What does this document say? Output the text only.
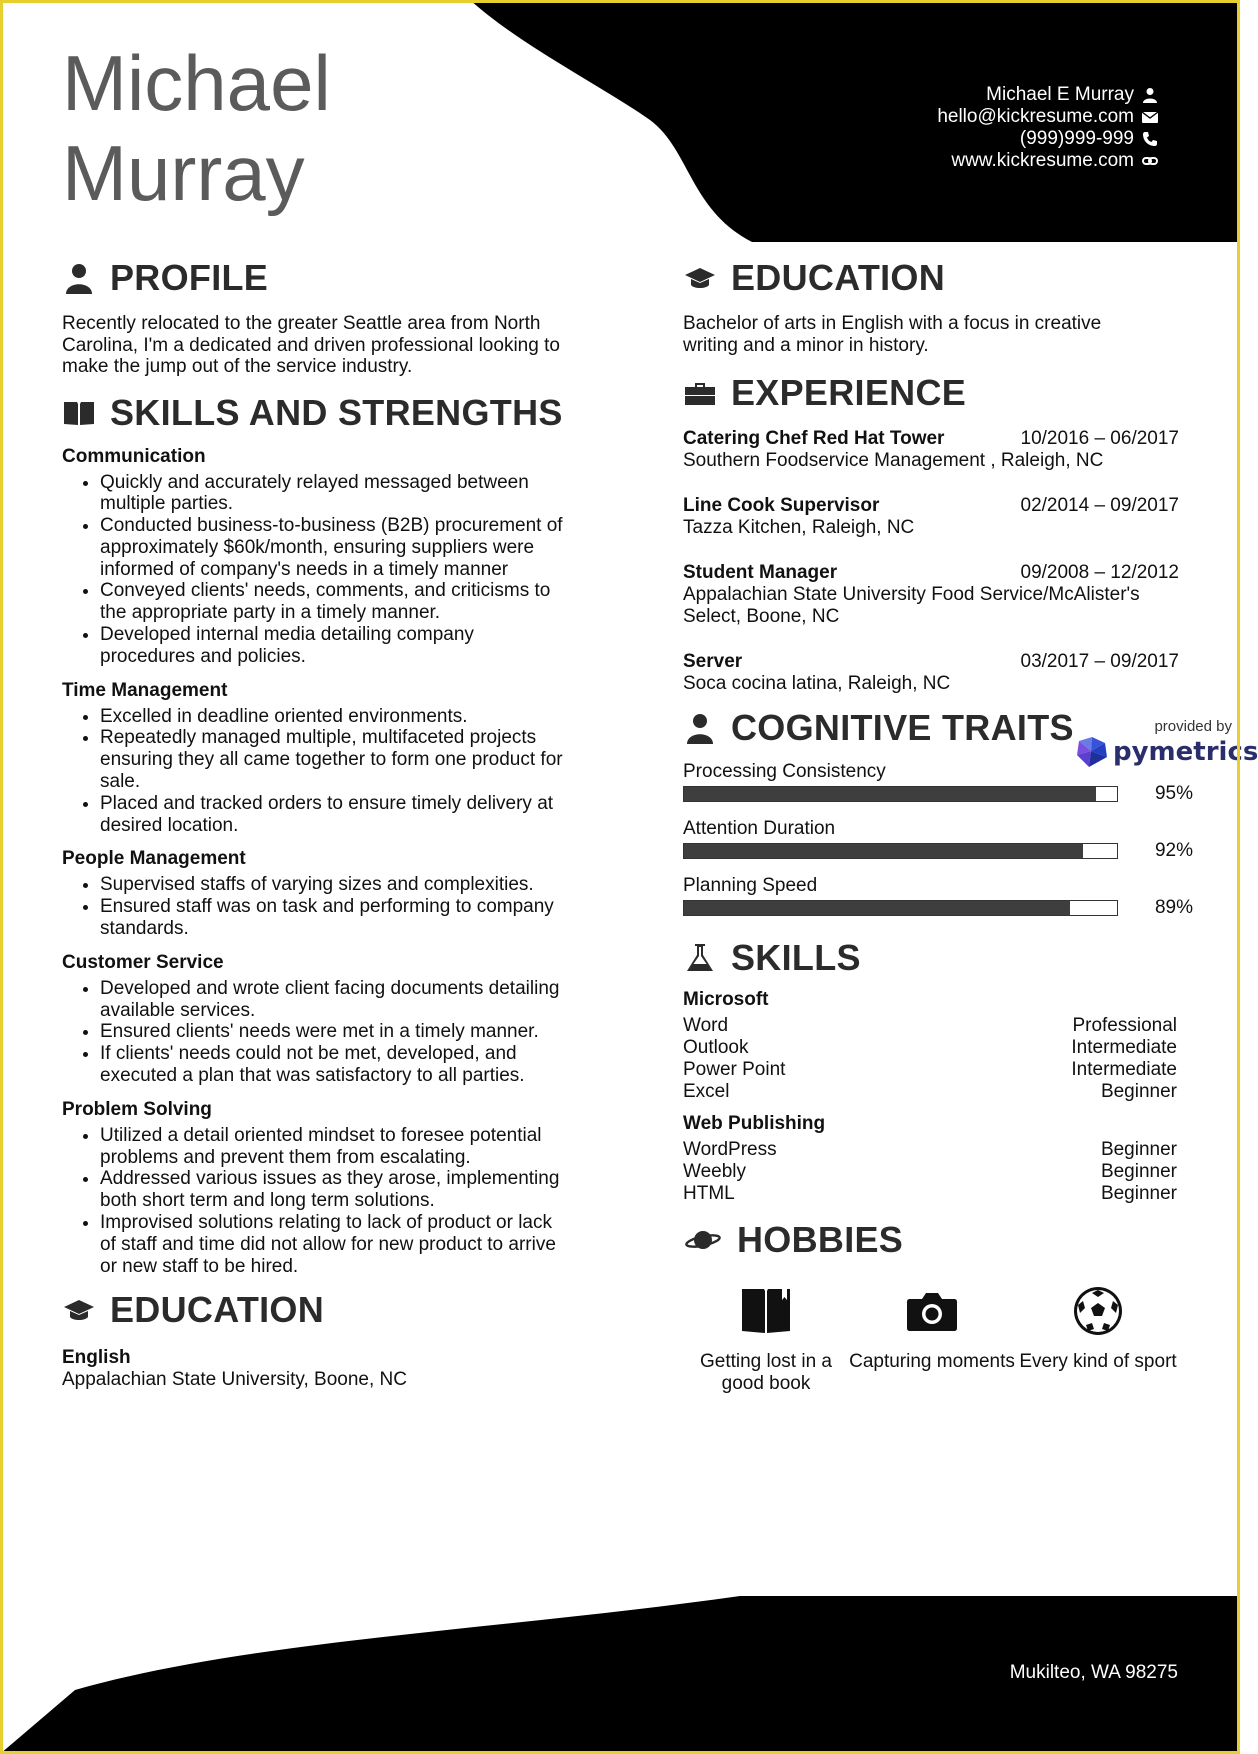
Michael
Murray
Michael E Murray
hello@kickresume.com
(999)999-999
www.kickresume.com
PROFILE

Recently relocated to the greater Seattle area from North Carolina, I'm a dedicated and driven professional looking to make the jump out of the service industry.

SKILLS AND STRENGTHS
Communication
• Quickly and accurately relayed messaged between multiple parties.
• Conducted business-to-business (B2B) procurement of approximately $60k/month, ensuring suppliers were informed of company's needs in a timely manner
• Conveyed clients' needs, comments, and criticisms to the appropriate party in a timely manner.
• Developed internal media detailing company procedures and policies.
Time Management
• Excelled in deadline oriented environments.
• Repeatedly managed multiple, multifaceted projects ensuring they all came together to form one product for sale.
• Placed and tracked orders to ensure timely delivery at desired location.
People Management
• Supervised staffs of varying sizes and complexities.
• Ensured staff was on task and performing to company standards.
Customer Service
• Developed and wrote client facing documents detailing available services.
• Ensured clients' needs were met in a timely manner.
• If clients' needs could not be met, developed, and executed a plan that was satisfactory to all parties.
Problem Solving
• Utilized a detail oriented mindset to foresee potential problems and prevent them from escalating.
• Addressed various issues as they arose, implementing both short term and long term solutions.
• Improvised solutions relating to lack of product or lack of staff and time did not allow for new product to arrive or new staff to be hired.
EDUCATION
English

Appalachian State University, Boone, NC

EDUCATION

Bachelor of arts in English with a focus in creative writing and a minor in history.

EXPERIENCE
Catering Chef Red Hat Tower	10/2016 – 06/2017
Southern Foodservice Management , Raleigh, NC
Line Cook Supervisor	02/2014 – 09/2017
Tazza Kitchen, Raleigh, NC
Student Manager	09/2008 – 12/2012
Appalachian State University Food Service/McAlister's Select, Boone, NC
Server	03/2017 – 09/2017
Soca cocina latina, Raleigh, NC
COGNITIVE TRAITS
Processing Consistency
95%
Attention Duration
92%
Planning Speed
89%
SKILLS
Microsoft
Word	Professional
Outlook	Intermediate
Power Point	Intermediate
Excel	Beginner
Web Publishing
WordPress	Beginner
Weebly	Beginner
HTML	Beginner
HOBBIES
Getting lost in a good book
Capturing moments Every kind of sport
provided by
pymetrics
Mukilteo, WA 98275
